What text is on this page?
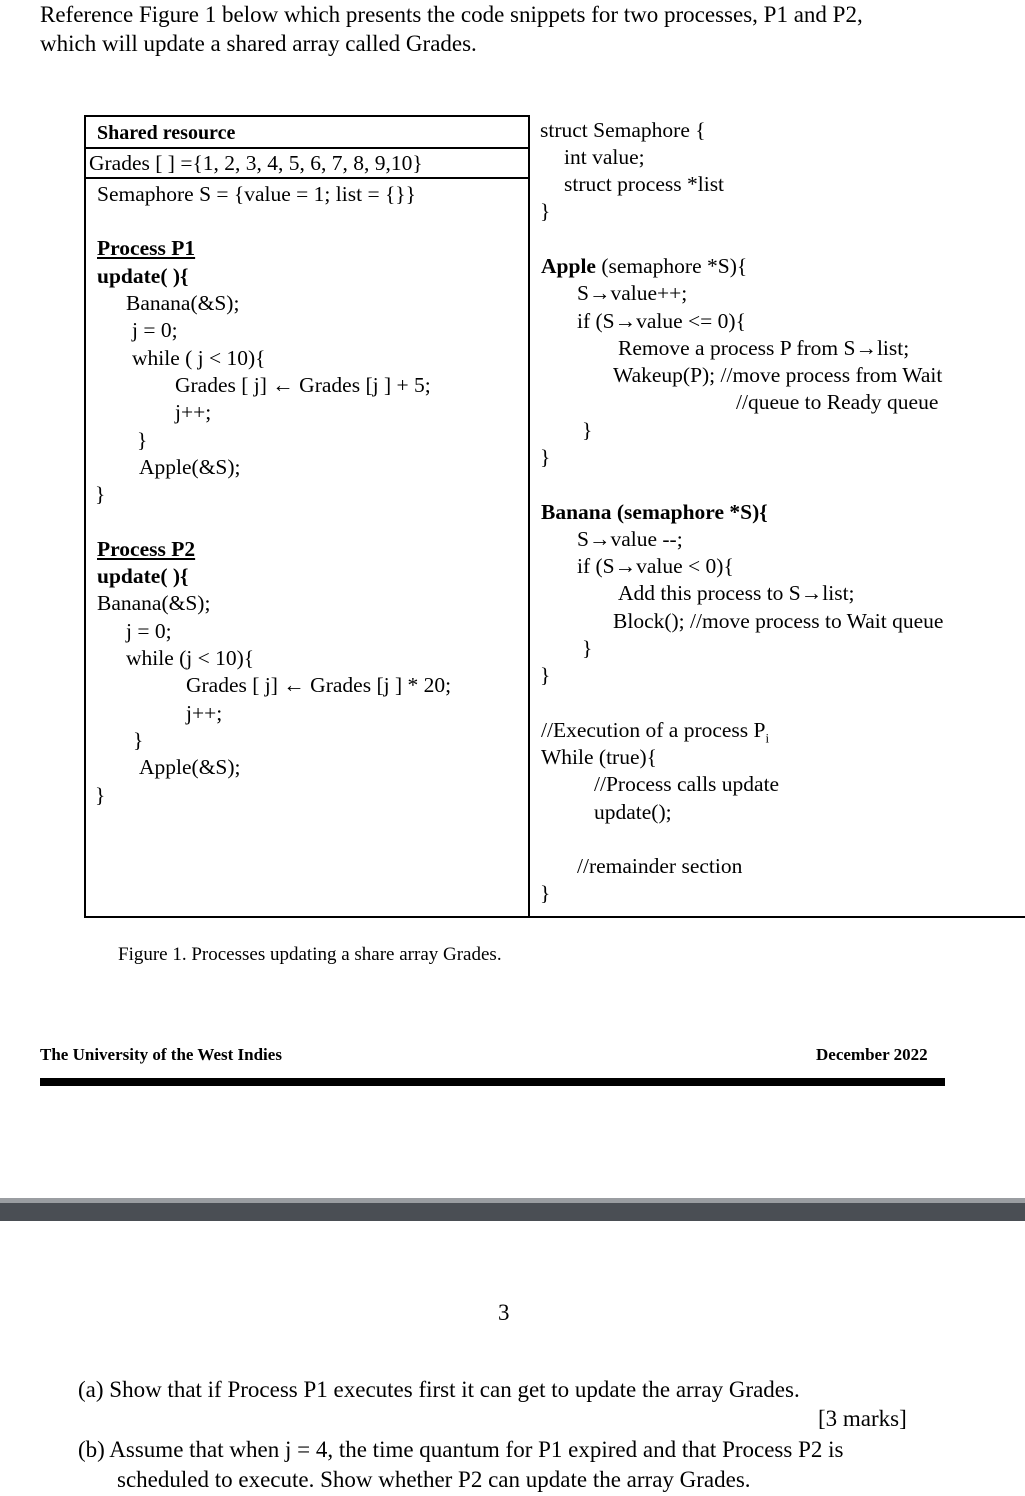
Reference Figure 1 below which presents the code snippets for two processes, P1 and P2,
which will update a shared array called Grades.
Shared resource
Grades [ ] ={1, 2, 3, 4, 5, 6, 7, 8, 9,10}
Semaphore S = {value = 1; list = {}}
Process P1
update( ){
Banana(&S);
j = 0;
while ( j < 10){
Grades [ j] ← Grades [j ] + 5;
j++;
}
Apple(&S);
}
Process P2
update( ){
Banana(&S);
j = 0;
while (j < 10){
Grades [ j] ← Grades [j ] * 20;
j++;
}
Apple(&S);
}
struct Semaphore {
int value;
struct process *list
}
Apple (semaphore *S){
S→value++;
if (S→value <= 0){
Remove a process P from S→list;
Wakeup(P); //move process from Wait
//queue to Ready queue
}
}
Banana (semaphore *S){
S→value --;
if (S→value < 0){
Add this process to S→list;
Block(); //move process to Wait queue
}
}
//Execution of a process $P_i$
While (true){
//Process calls update
update();
//remainder section
}
Figure 1. Processes updating a share array Grades.
The University of the West Indies	December 2022
3
(a) Show that if Process P1 executes first it can get to update the array Grades.
[3 marks]
(b) Assume that when j = 4, the time quantum for P1 expired and that Process P2 is
scheduled to execute. Show whether P2 can update the array Grades.
